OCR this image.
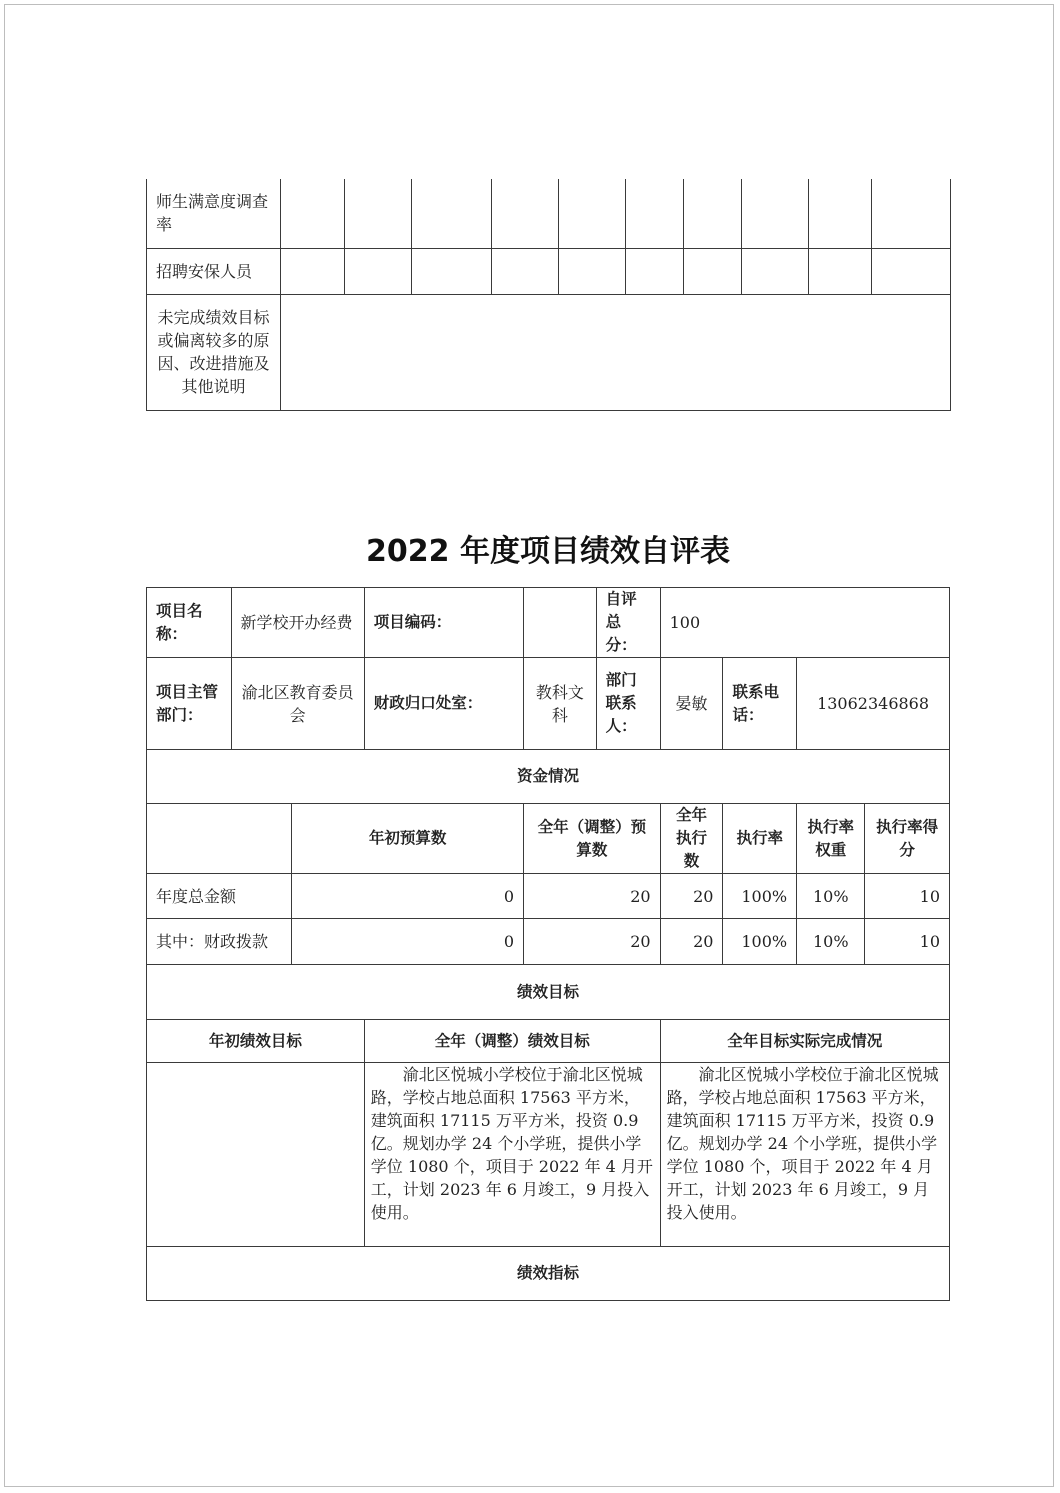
师生满意度调查率										
招聘安保人员										
未完成绩效目标或偏离较多的原因、改进措施及其他说明										
2022 年度项目绩效自评表
项目名称：	新学校开办经费		项目编码：		自评总分：	100			
项目主管部门：	渝北区教育委员会		财政归口处室：	教科文科	部门联系人：	晏敏	联系电话：	13062346868	
资金情况									
		年初预算数		全年（调整）预算数		全年执行数	执行率	执行率权重	执行率得分
年度总金额		0		20		20	100%	10%	10
其中：财政拨款		0		20		20	100%	10%	10
绩效目标									
年初绩效目标			全年（调整）绩效目标			全年目标实际完成情况			
			渝北区悦城小学校位于渝北区悦城路，学校占地总面积 17563 平方米，建筑面积 17115 万平方米，投资 0.9 亿。规划办学 24 个小学班，提供小学学位 1080 个，项目于 2022 年 4 月开工，计划 2023 年 6 月竣工，9 月投入使用。			渝北区悦城小学校位于渝北区悦城路，学校占地总面积 17563 平方米，建筑面积 17115 万平方米，投资 0.9 亿。规划办学 24 个小学班，提供小学学位 1080 个，项目于 2022 年 4 月开工，计划 2023 年 6 月竣工，9 月投入使用。			
绩效指标									
